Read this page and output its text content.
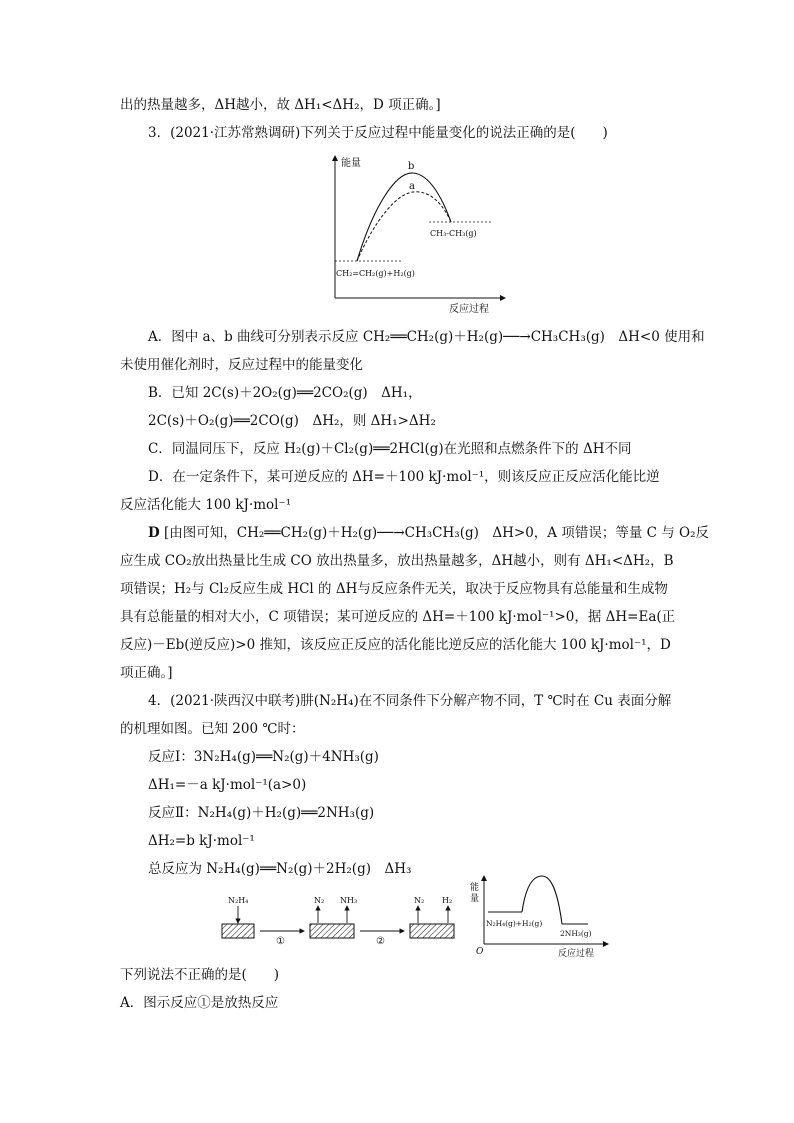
出的热量越多，ΔH越小，故 ΔH₁<ΔH₂，D 项正确。]
3．(2021·江苏常熟调研)下列关于反应过程中能量变化的说法正确的是(　　)
能量
反应过程
CH₂=CH₂(g)+H₂(g)
CH₃-CH₃(g)
b
a
A．图中 a、b 曲线可分别表示反应 CH₂══CH₂(g)＋H₂(g)──→CH₃CH₃(g)　ΔH<0 使用和
未使用催化剂时，反应过程中的能量变化
B．已知 2C(s)＋2O₂(g)══2CO₂(g)　ΔH₁，
2C(s)＋O₂(g)══2CO(g)　ΔH₂，则 ΔH₁>ΔH₂
C．同温同压下，反应 H₂(g)＋Cl₂(g)══2HCl(g)在光照和点燃条件下的 ΔH不同
D．在一定条件下，某可逆反应的 ΔH=＋100 kJ·mol⁻¹，则该反应正反应活化能比逆
反应活化能大 100 kJ·mol⁻¹
D [由图可知，CH₂══CH₂(g)＋H₂(g)──→CH₃CH₃(g)　ΔH>0，A 项错误；等量 C 与 O₂反
应生成 CO₂放出热量比生成 CO 放出热量多，放出热量越多，ΔH越小，则有 ΔH₁<ΔH₂，B
项错误；H₂与 Cl₂反应生成 HCl 的 ΔH与反应条件无关，取决于反应物具有总能量和生成物
具有总能量的相对大小，C 项错误；某可逆反应的 ΔH=＋100 kJ·mol⁻¹>0，据 ΔH=Ea(正
反应)－Eb(逆反应)>0 推知，该反应正反应的活化能比逆反应的活化能大 100 kJ·mol⁻¹，D
项正确。]
4．(2021·陕西汉中联考)肼(N₂H₄)在不同条件下分解产物不同，T ℃时在 Cu 表面分解
的机理如图。已知 200 ℃时：
反应Ⅰ：3N₂H₄(g)══N₂(g)＋4NH₃(g)
ΔH₁=－a kJ·mol⁻¹(a>0)
反应Ⅱ：N₂H₄(g)＋H₂(g)══2NH₃(g)
ΔH₂=b kJ·mol⁻¹
总反应为 N₂H₄(g)══N₂(g)＋2H₂(g)　ΔH₃
N₂H₄
①
N₂ NH₃
②
N₂ H₂
能
量
O	反应过程
N₂H₄(g)+H₂(g)
2NH₃(g)
下列说法不正确的是(　　)
A．图示反应①是放热反应
